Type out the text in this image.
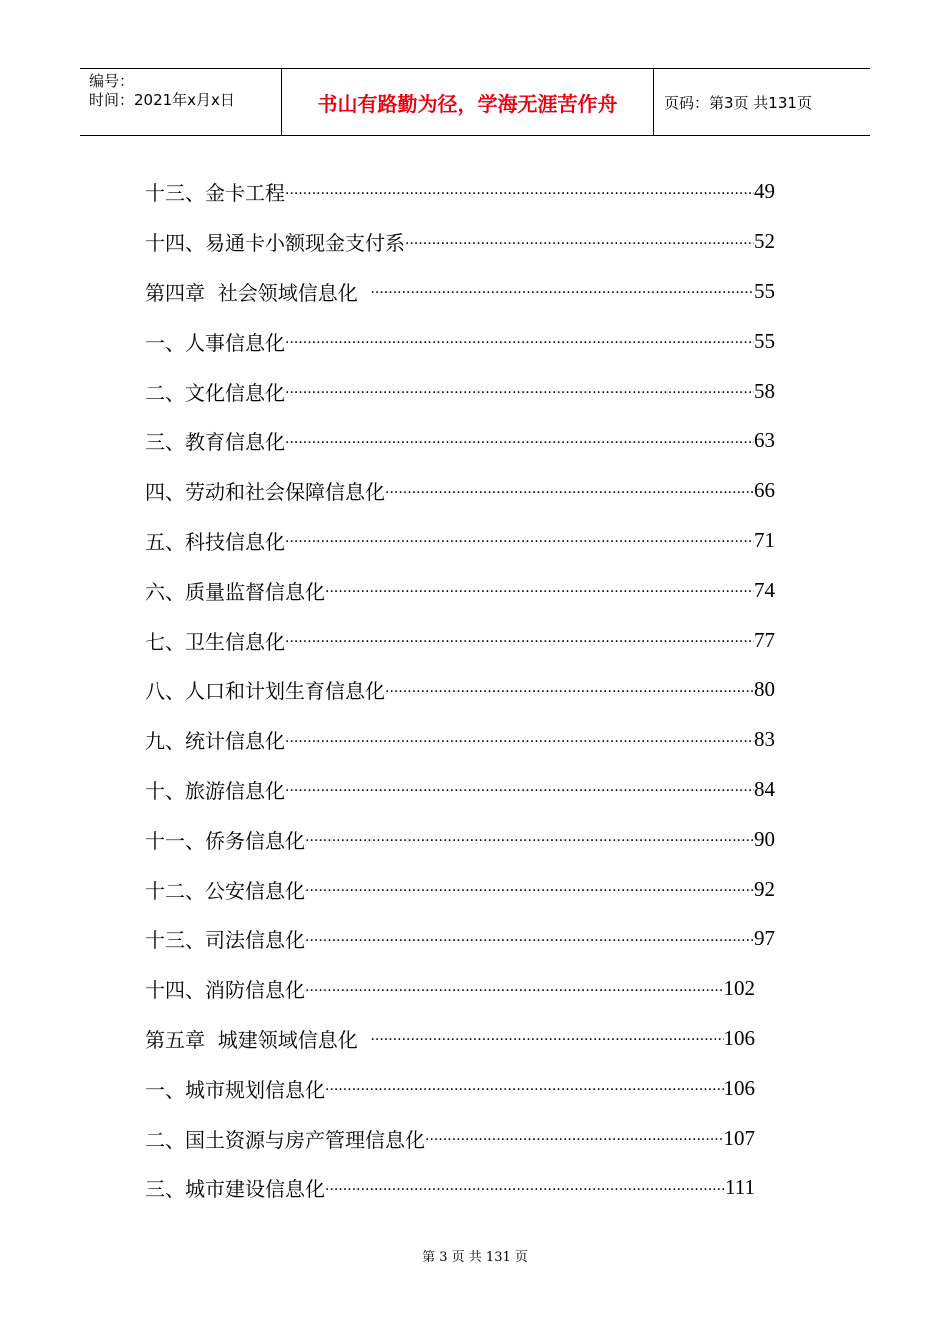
编号：
时间：2021年x月x日	书山有路勤为径，学海无涯苦作舟	页码：第3页 共131页
十三、金卡工程 ·····	49
十四、易通卡小额现金支付系 ·····	52
第四章  社会领域信息化 ·····	55
一、人事信息化 ·····	55
二、文化信息化 ·····	58
三、教育信息化 ·····	63
四、劳动和社会保障信息化 ·····	66
五、科技信息化 ·····	71
六、质量监督信息化 ·····	74
七、卫生信息化 ·····	77
八、人口和计划生育信息化 ·····	80
九、统计信息化 ·····	83
十、旅游信息化 ·····	84
十一、侨务信息化 ·····	90
十二、公安信息化 ·····	92
十三、司法信息化 ·····	97
十四、消防信息化 ·····	102
第五章  城建领域信息化 ·····	106
一、城市规划信息化 ·····	106
二、国土资源与房产管理信息化 ·····	107
三、城市建设信息化 ·····	111
第 3 页 共 131 页
